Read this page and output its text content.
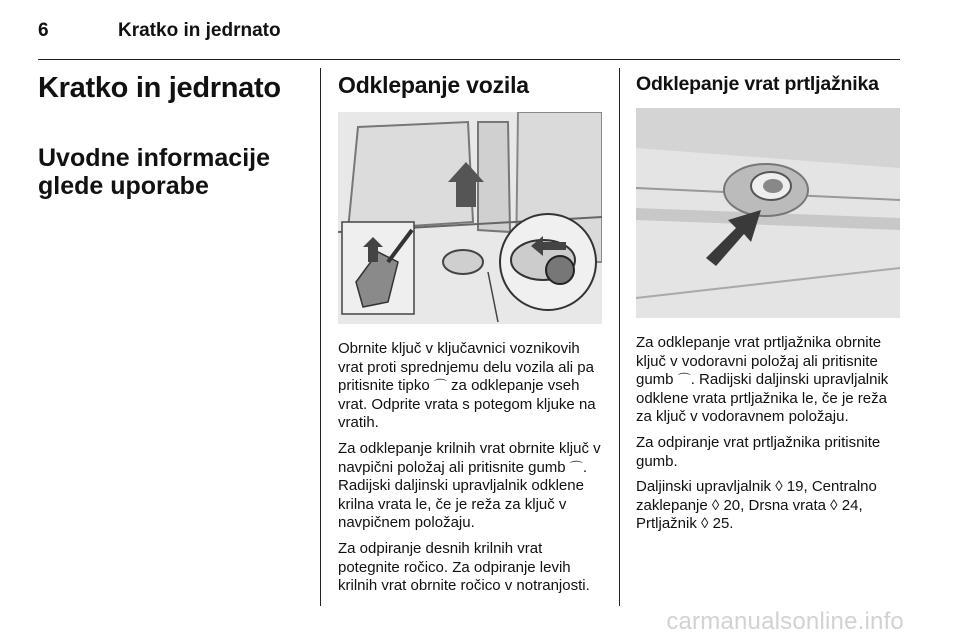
6	Kratko in jedrnato
Kratko in jedrnato
Uvodne informacije glede uporabe
Odklepanje vozila

Obrnite ključ v ključavnici voznikovih vrat proti sprednjemu delu vozila ali pa pritisnite tipko ⌒ za odklepanje vseh vrat. Odprite vrata s potegom kljuke na vratih.

Za odklepanje krilnih vrat obrnite ključ v navpični položaj ali pritisnite gumb ⌒. Radijski daljinski upravljalnik odklene krilna vrata le, če je reža za ključ v navpičnem položaju.

Za odpiranje desnih krilnih vrat potegnite ročico. Za odpiranje levih krilnih vrat obrnite ročico v notranjosti.

Odklepanje vrat prtljažnika

Za odklepanje vrat prtljažnika obrnite ključ v vodoravni položaj ali pritisnite gumb ⌒. Radijski daljinski upravljalnik odklene vrata prtljažnika le, če je reža za ključ v vodoravnem položaju.

Za odpiranje vrat prtljažnika pritisnite gumb.

Daljinski upravljalnik ◊ 19, Centralno zaklepanje ◊ 20, Drsna vrata ◊ 24, Prtljažnik ◊ 25.

carmanualsonline.info
